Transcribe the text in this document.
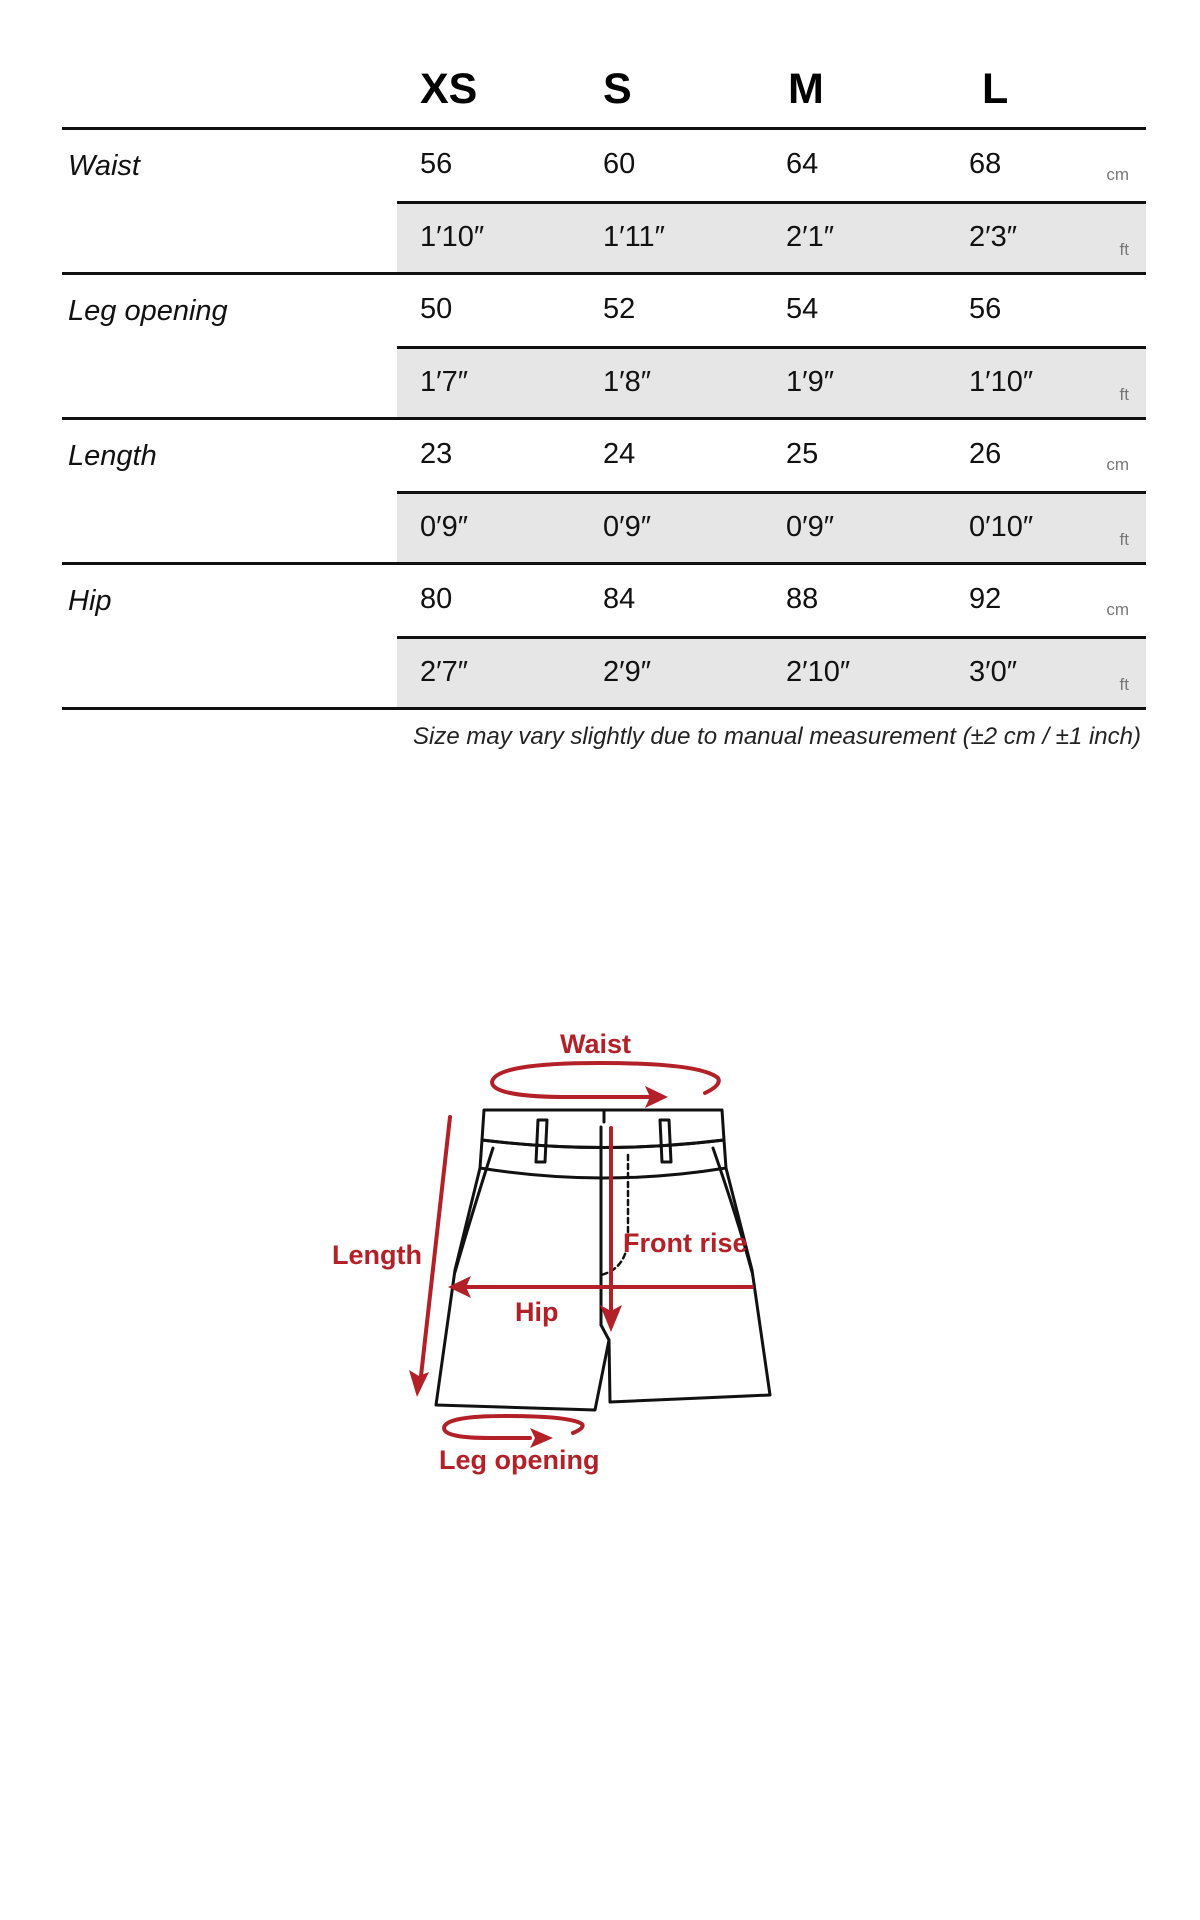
XS	S	M	L
Waist	56	60	64	68	cm
1′10″	1′11″	2′1″	2′3″	ft
Leg opening	50	52	54	56
1′7″	1′8″	1′9″	1′10″	ft
Length	23	24	25	26	cm
0′9″	0′9″	0′9″	0′10″	ft
Hip	80	84	88	92	cm
2′7″	2′9″	2′10″	3′0″	ft
Size may vary slightly due to manual measurement (±2 cm / ±1 inch)
Waist
Length	Front rise
Hip
Leg opening
